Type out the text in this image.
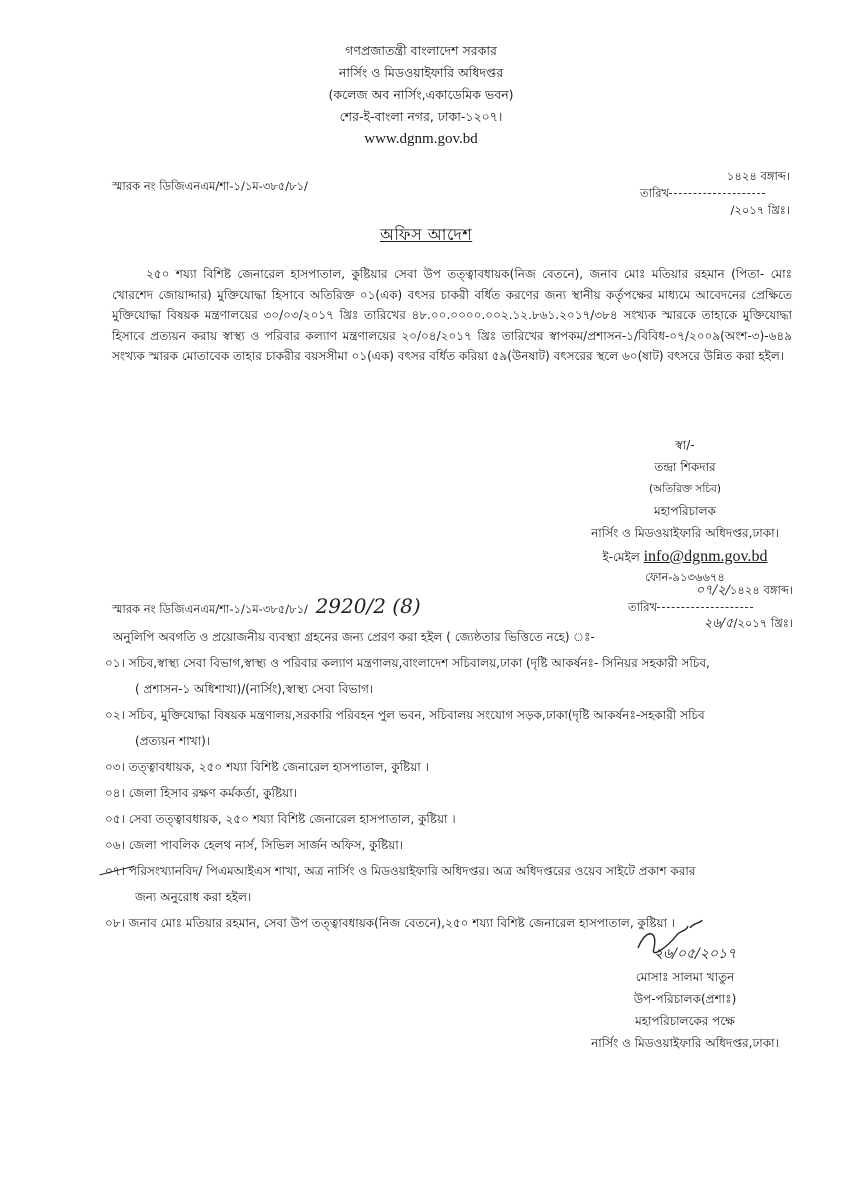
গণপ্রজাতন্ত্রী বাংলাদেশ সরকার
নার্সিং ও মিডওয়াইফারি অধিদপ্তর
(কলেজ অব নার্সিং,একাডেমিক ভবন)
শের-ই-বাংলা নগর, ঢাকা-১২০৭।
www.dgnm.gov.bd
স্মারক নং ডিজিএনএম/শা-১/১ম-৩৮৫/৮১/
১৪২৪ বঙ্গাব্দ।
তারিখ
/২০১৭ খ্রিঃ।
অফিস আদেশ
২৫০ শয্যা বিশিষ্ট জেনারেল হাসপাতাল, কুষ্টিয়ার সেবা উপ তত্ত্বাবধায়ক(নিজ বেতনে), জনাব মোঃ মতিয়ার রহমান (পিতা- মোঃ খোরশেদ জোয়াদ্দার) মুক্তিযোদ্ধা হিসাবে অতিরিক্ত ০১(এক) বৎসর চাকরী বর্ধিত করণের জন্য স্থানীয় কর্তৃপক্ষের মাধ্যমে আবেদনের প্রেক্ষিতে মুক্তিযোদ্ধা বিষয়ক মন্ত্রণালয়ের ৩০/০৩/২০১৭ খ্রিঃ তারিখের ৪৮.০০.০০০০.০০২.১২.৮৬১.২০১৭/৩৮৪ সংখ্যক স্মারকে তাহাকে মুক্তিযোদ্ধা হিসাবে প্রত্যয়ন করায় স্বাস্থ্য ও পরিবার কল্যাণ মন্ত্রণালয়ের ২০/০৪/২০১৭ খ্রিঃ তারিখের স্বাপকম/প্রশাসন-১/বিবিধ-০৭/২০০৯(অংশ-৩)-৬৪৯ সংখ্যক স্মারক মোতাবেক তাহার চাকরীর বয়সসীমা ০১(এক) বৎসর বর্ধিত করিয়া ৫৯(উনষাট) বৎসরের স্থলে ৬০(ষাট) বৎসরে উন্নিত করা হইল।
স্বা/-
তন্দ্রা শিকদার
(অতিরিক্ত সচিব)
মহাপরিচালক
নার্সিং ও মিডওয়াইফারি অধিদপ্তর,ঢাকা।
ই-মেইল info@dgnm.gov.bd
ফোন-৯১৩৬৬৭৪
স্মারক নং ডিজিএনএম/শা-১/১ম-৩৮৫/৮১/ 2920/2 (8)
০৭/২/১৪২৪ বঙ্গাব্দ।
তারিখ
২৬/৫/২০১৭ খ্রিঃ।
অনুলিপি অবগতি ও প্রয়োজনীয় ব্যবস্থ্যা গ্রহনের জন্য প্রেরণ করা হইল ( জ্যেষ্ঠতার ভিত্তিতে নহে) ঃ-
০১। সচিব,স্বাস্থ্য সেবা বিভাগ,স্বাস্থ্য ও পরিবার কল্যাণ মন্ত্রণালয়,বাংলাদেশ সচিবালয়,ঢাকা (দৃষ্টি আকর্ষনঃ- সিনিয়র সহকারী সচিব,
( প্রশাসন-১ অধিশাখা)/(নার্সিং),স্বাস্থ্য সেবা বিভাগ।
০২। সচিব, মুক্তিযোদ্ধা বিষয়ক মন্ত্রণালয়,সরকারি পরিবহন পুল ভবন, সচিবালয় সংযোগ সড়ক,ঢাকা(দৃষ্টি আকর্ষনঃ-সহকারী সচিব
(প্রত্যয়ন শাখা)।
০৩। তত্ত্বাবধায়ক, ২৫০ শয্যা বিশিষ্ট জেনারেল হাসপাতাল, কুষ্টিয়া ।
০৪। জেলা হিসাব রক্ষণ কর্মকর্তা, কুষ্টিয়া।
০৫। সেবা তত্ত্বাবধায়ক, ২৫০ শয্যা বিশিষ্ট জেনারেল হাসপাতাল, কুষ্টিয়া ।
০৬। জেলা পাবলিক হেলথ নার্স, সিভিল সার্জন অফিস, কুষ্টিয়া।
০৭। পরিসংখ্যানবিদ/ পিএমআইএস শাখা, অত্র নার্সিং ও মিডওয়াইফারি অধিদপ্তর। অত্র অধিদপ্তরের ওয়েব সাইটে প্রকাশ করার
জন্য অনুরোধ করা হইল।
০৮। জনাব মোঃ মতিয়ার রহমান, সেবা উপ তত্ত্বাবধায়ক(নিজ বেতনে),২৫০ শয্যা বিশিষ্ট জেনারেল হাসপাতাল, কুষ্টিয়া ।
২৬/০৫/২০১৭
মোসাঃ সালমা খাতুন
উপ-পরিচালক(প্রশাঃ)
মহাপরিচালকের পক্ষে
নার্সিং ও মিডওয়াইফারি অধিদপ্তর,ঢাকা।
